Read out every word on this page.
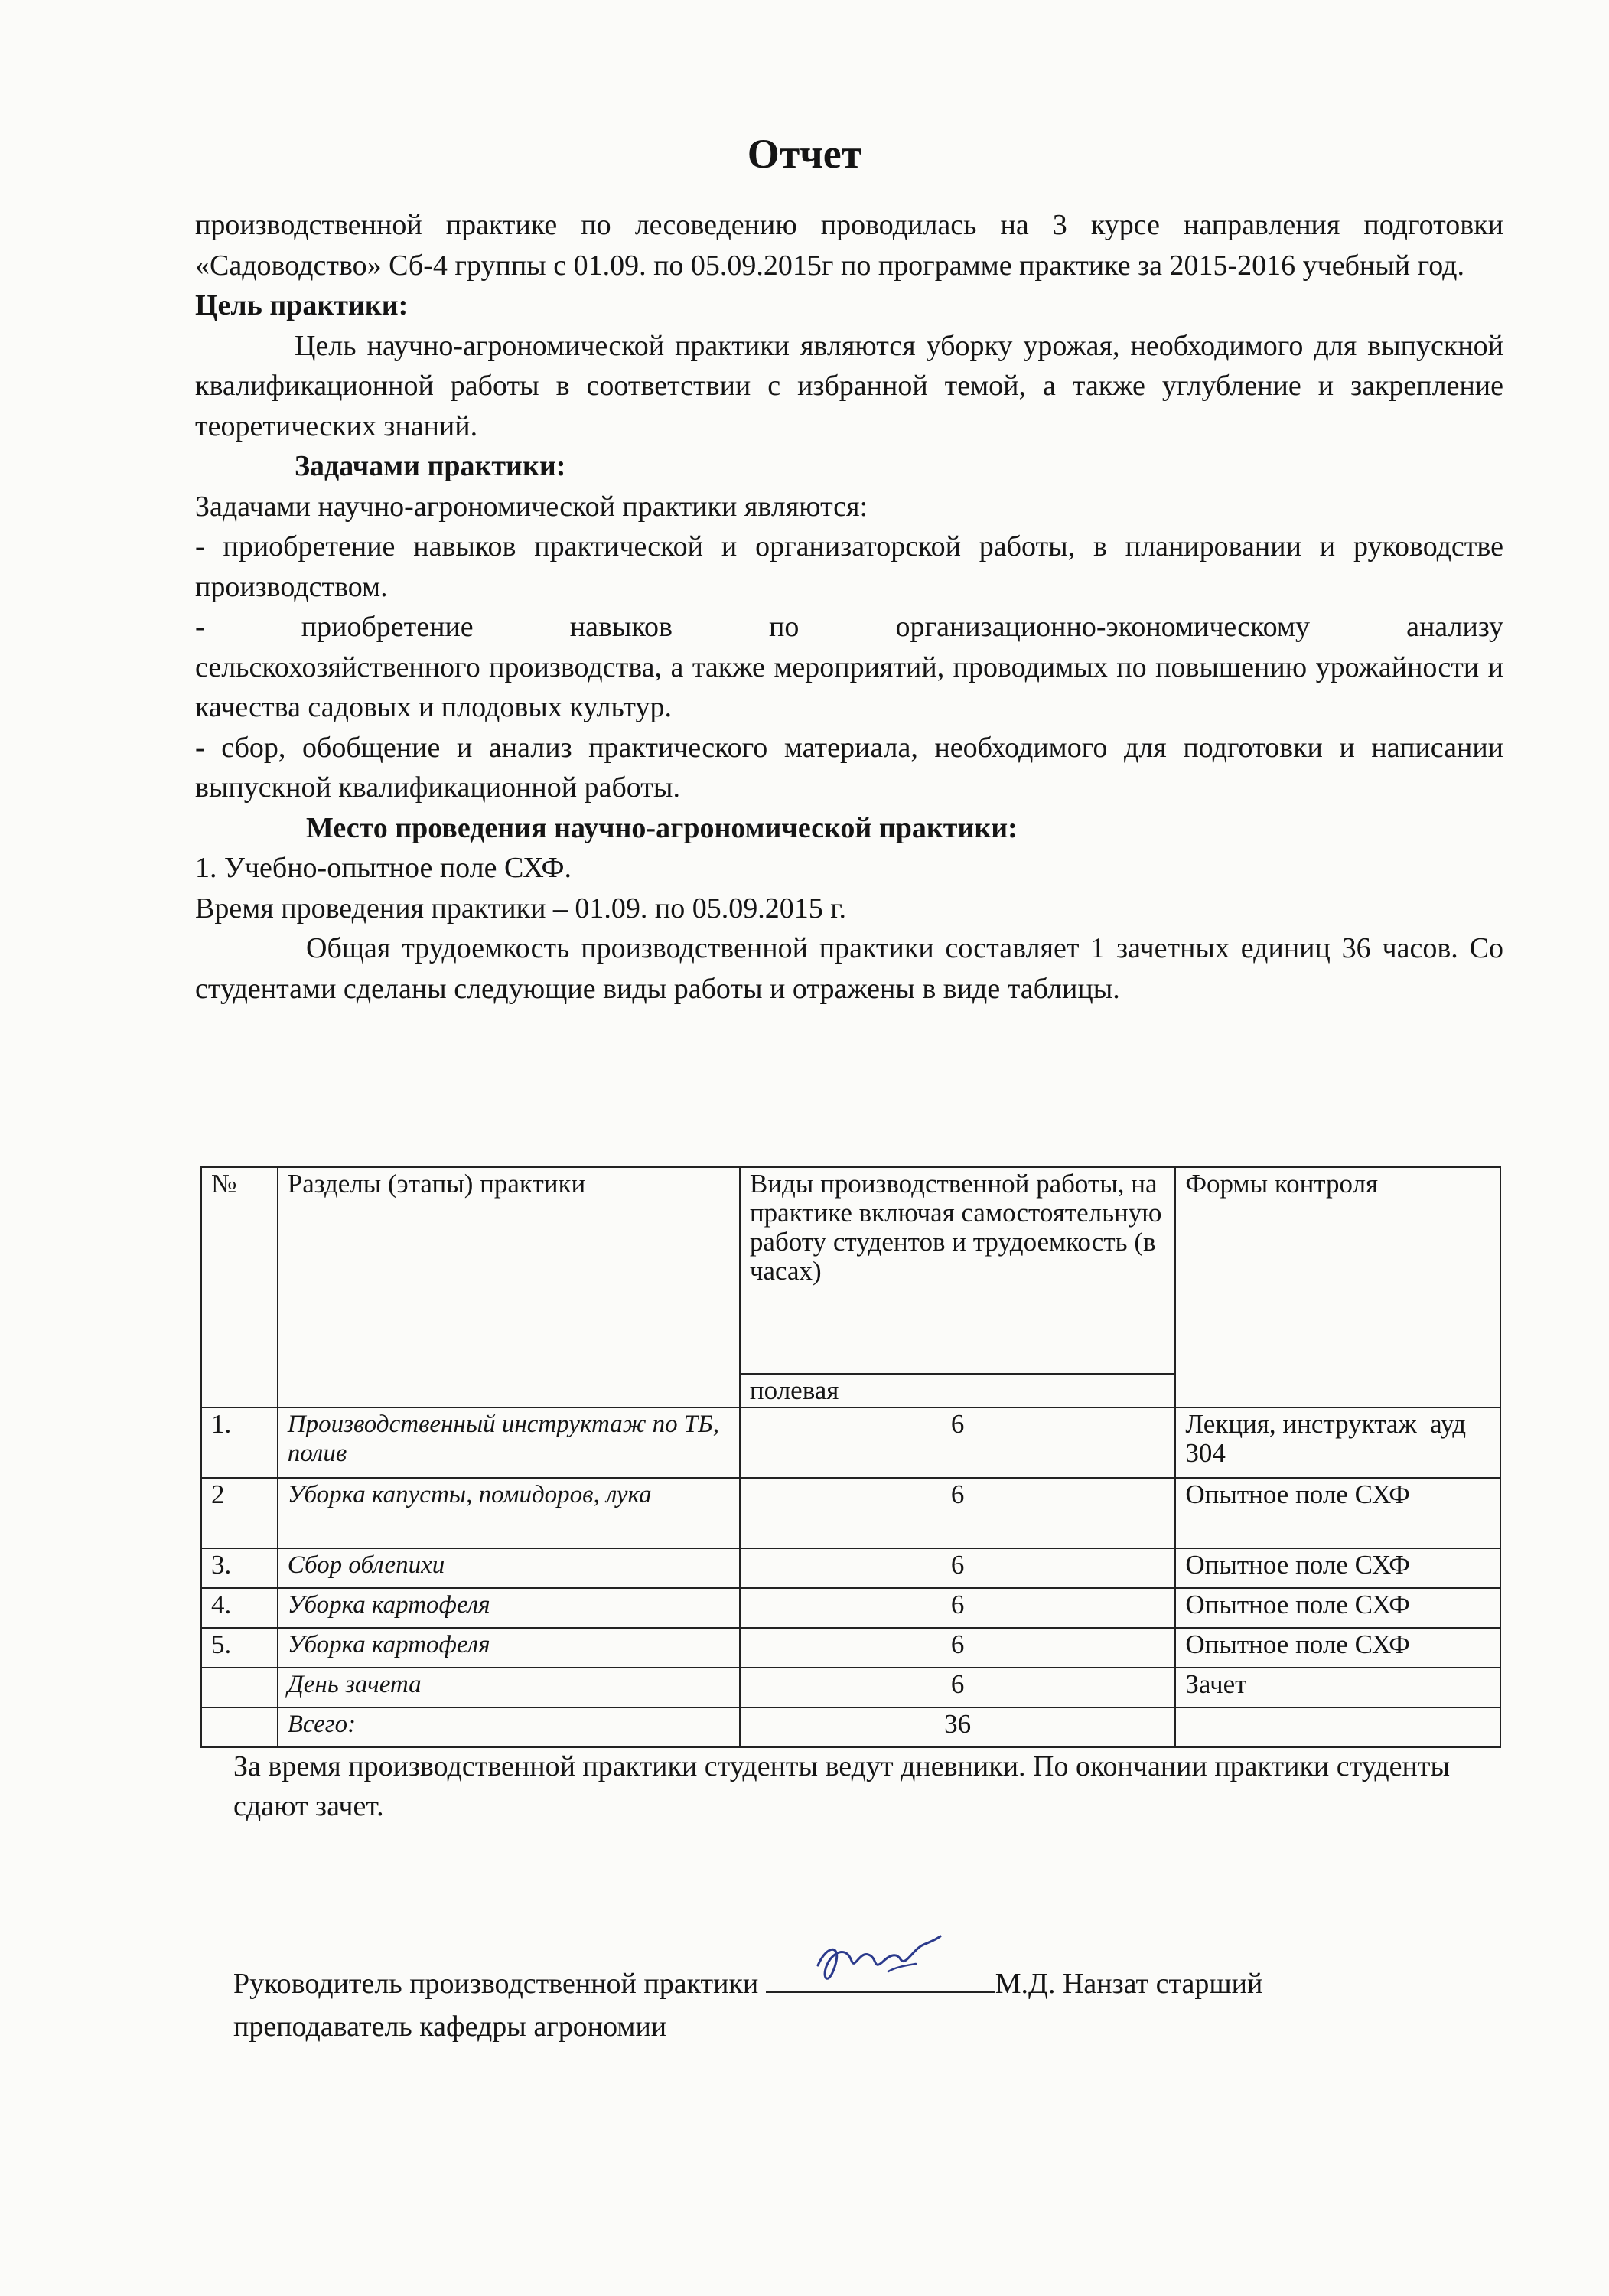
Отчет

производственной практике по лесоведению проводилась на 3 курсе направления подготовки «Садоводство» Сб-4 группы с 01.09. по 05.09.2015г по программе практике за 2015-2016 учебный год.

Цель практики:

Цель научно-агрономической практики являются уборку урожая, необходимого для выпускной квалификационной работы в соответствии с избранной темой, а также углубление и закрепление теоретических знаний.

Задачами практики:

Задачами научно-агрономической практики являются:

- приобретение навыков практической и организаторской работы, в планировании и руководстве производством.

-      приобретение      навыков      по      организационно-экономическому      анализу сельскохозяйственного производства, а также мероприятий, проводимых по повышению урожайности и качества садовых и плодовых культур.

- сбор, обобщение и анализ практического материала, необходимого для подготовки и написании выпускной квалификационной работы.

Место проведения научно-агрономической практики:

1. Учебно-опытное поле СХФ.

Время проведения практики – 01.09. по 05.09.2015 г.

Общая трудоемкость производственной практики составляет 1 зачетных единиц 36 часов. Со студентами сделаны следующие виды работы и отражены в виде таблицы.

№	Разделы (этапы) практики	Виды производственной работы, на практике включая самостоятельную работу студентов и трудоемкость (в часах)	Формы контроля
		полевая	
1.	Производственный инструктаж по ТБ, полив	6	Лекция, инструктаж  ауд 304
2	Уборка капусты, помидоров, лука	6	Опытное поле СХФ
3.	Сбор облепихи	6	Опытное поле СХФ
4.	Уборка картофеля	6	Опытное поле СХФ
5.	Уборка картофеля	6	Опытное поле СХФ
	День зачета	6	Зачет
	Всего:	36	
За время производственной практики студенты ведут дневники. По окончании практики студенты сдают зачет.
Руководитель производственной практики	М.Д. Нанзат старший
преподаватель кафедры агрономии
